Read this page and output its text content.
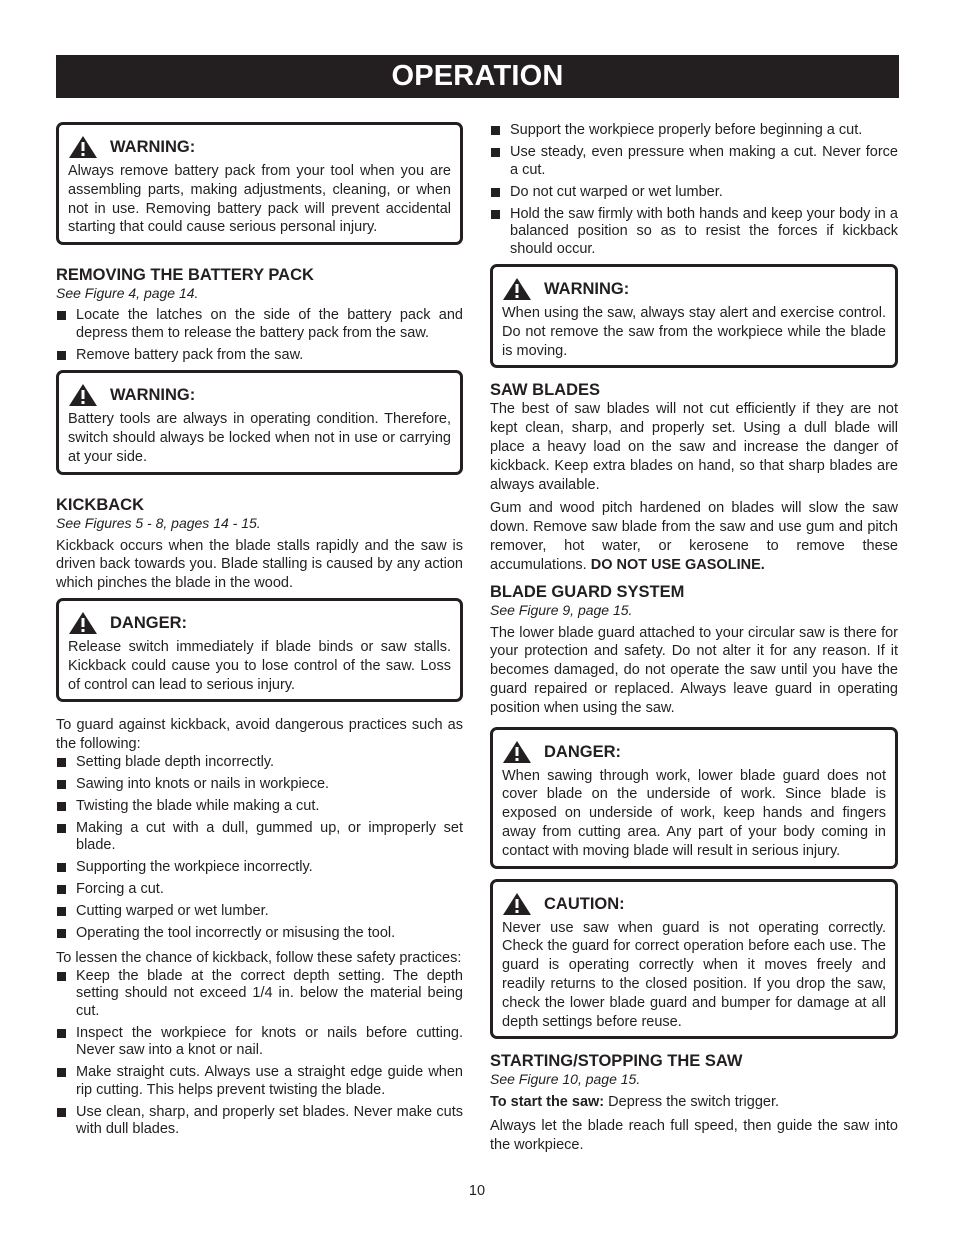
OPERATION
WARNING:
Always remove battery pack from your tool when you are assembling parts, making adjustments, cleaning, or when not in use. Removing battery pack will prevent accidental starting that could cause serious personal injury.
REMOVING THE BATTERY PACK
See Figure 4, page 14.
Locate the latches on the side of the battery pack and depress them to release the battery pack from the saw.
Remove battery pack from the saw.
WARNING:
Battery tools are always in operating condition. Therefore, switch should always be locked when not in use or carrying at your side.
KICKBACK
See Figures 5 - 8, pages 14 - 15.

Kickback occurs when the blade stalls rapidly and the saw is driven back towards you. Blade stalling is caused by any action which pinches the blade in the wood.

DANGER:
Release switch immediately if blade binds or saw stalls. Kickback could cause you to lose control of the saw. Loss of control can lead to serious injury.

To guard against kickback, avoid dangerous practices such as the following:

Setting blade depth incorrectly.
Sawing into knots or nails in workpiece.
Twisting the blade while making a cut.
Making a cut with a dull, gummed up, or improperly set blade.
Supporting the workpiece incorrectly.
Forcing a cut.
Cutting warped or wet lumber.
Operating the tool incorrectly or misusing the tool.

To lessen the chance of kickback, follow these safety practices:

Keep the blade at the correct depth setting. The depth setting should not exceed 1/4 in. below the material being cut.
Inspect the workpiece for knots or nails before cutting. Never saw into a knot or nail.
Make straight cuts. Always use a straight edge guide when rip cutting. This helps prevent twisting the blade.
Use clean, sharp, and properly set blades. Never make cuts with dull blades.
Support the workpiece properly before beginning a cut.
Use steady, even pressure when making a cut. Never force a cut.
Do not cut warped or wet lumber.
Hold the saw firmly with both hands and keep your body in a balanced position so as to resist the forces if kickback should occur.
WARNING:
When using the saw, always stay alert and exercise control. Do not remove the saw from the workpiece while the blade is moving.
SAW BLADES

The best of saw blades will not cut efficiently if they are not kept clean, sharp, and properly set. Using a dull blade will place a heavy load on the saw and increase the danger of kickback. Keep extra blades on hand, so that sharp blades are always available.

Gum and wood pitch hardened on blades will slow the saw down. Remove saw blade from the saw and use gum and pitch remover, hot water, or kerosene to remove these accumulations. DO NOT USE GASOLINE.

BLADE GUARD SYSTEM
See Figure 9, page 15.

The lower blade guard attached to your circular saw is there for your protection and safety. Do not alter it for any reason. If it becomes damaged, do not operate the saw until you have the guard repaired or replaced. Always leave guard in operating position when using the saw.

DANGER:
When sawing through work, lower blade guard does not cover blade on the underside of work. Since blade is exposed on underside of work, keep hands and fingers away from cutting area. Any part of your body coming in contact with moving blade will result in serious injury.
CAUTION:
Never use saw when guard is not operating correctly. Check the guard for correct operation before each use. The guard is operating correctly when it moves freely and readily returns to the closed position. If you drop the saw, check the lower blade guard and bumper for damage at all depth settings before reuse.
STARTING/STOPPING THE SAW
See Figure 10, page 15.

To start the saw: Depress the switch trigger.

Always let the blade reach full speed, then guide the saw into the workpiece.

10
